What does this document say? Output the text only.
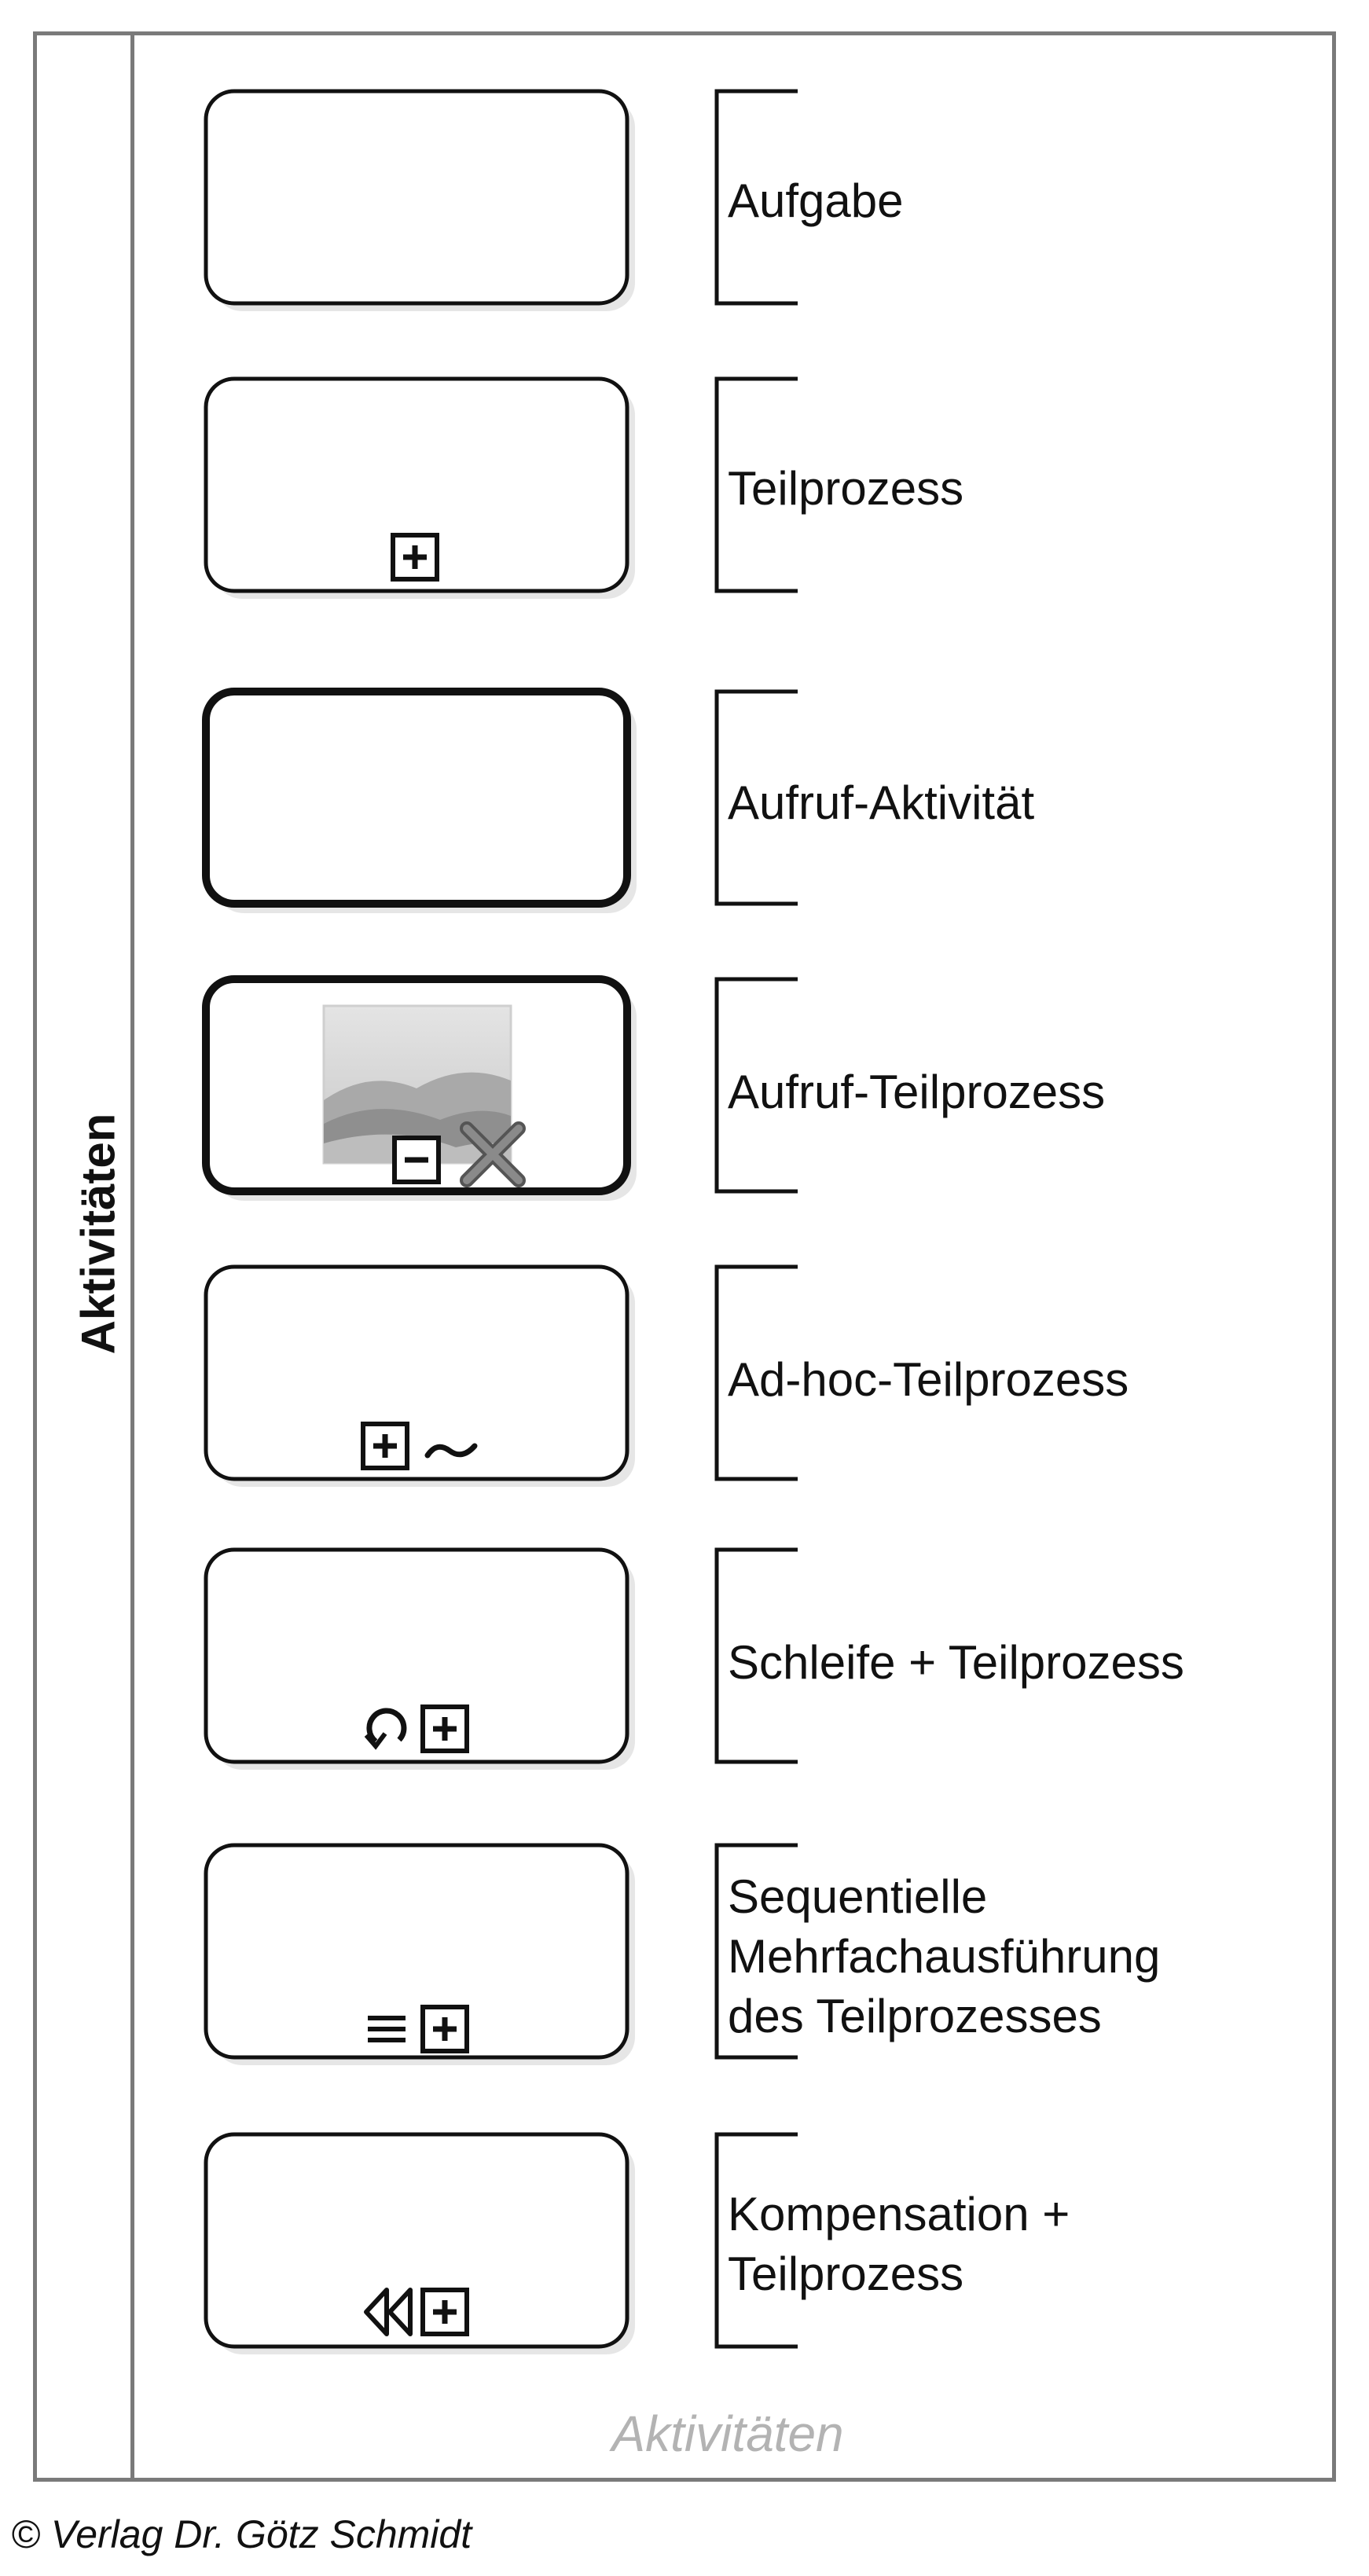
Aktivitäten
Aufgabe
Teilprozess
Aufruf-Aktivität
Aufruf-Teilprozess
Ad-hoc-Teilprozess
Schleife + Teilprozess
Sequentielle
Mehrfachausführung
des Teilprozesses
Kompensation +
Teilprozess
Aktivitäten
© Verlag Dr. Götz Schmidt
